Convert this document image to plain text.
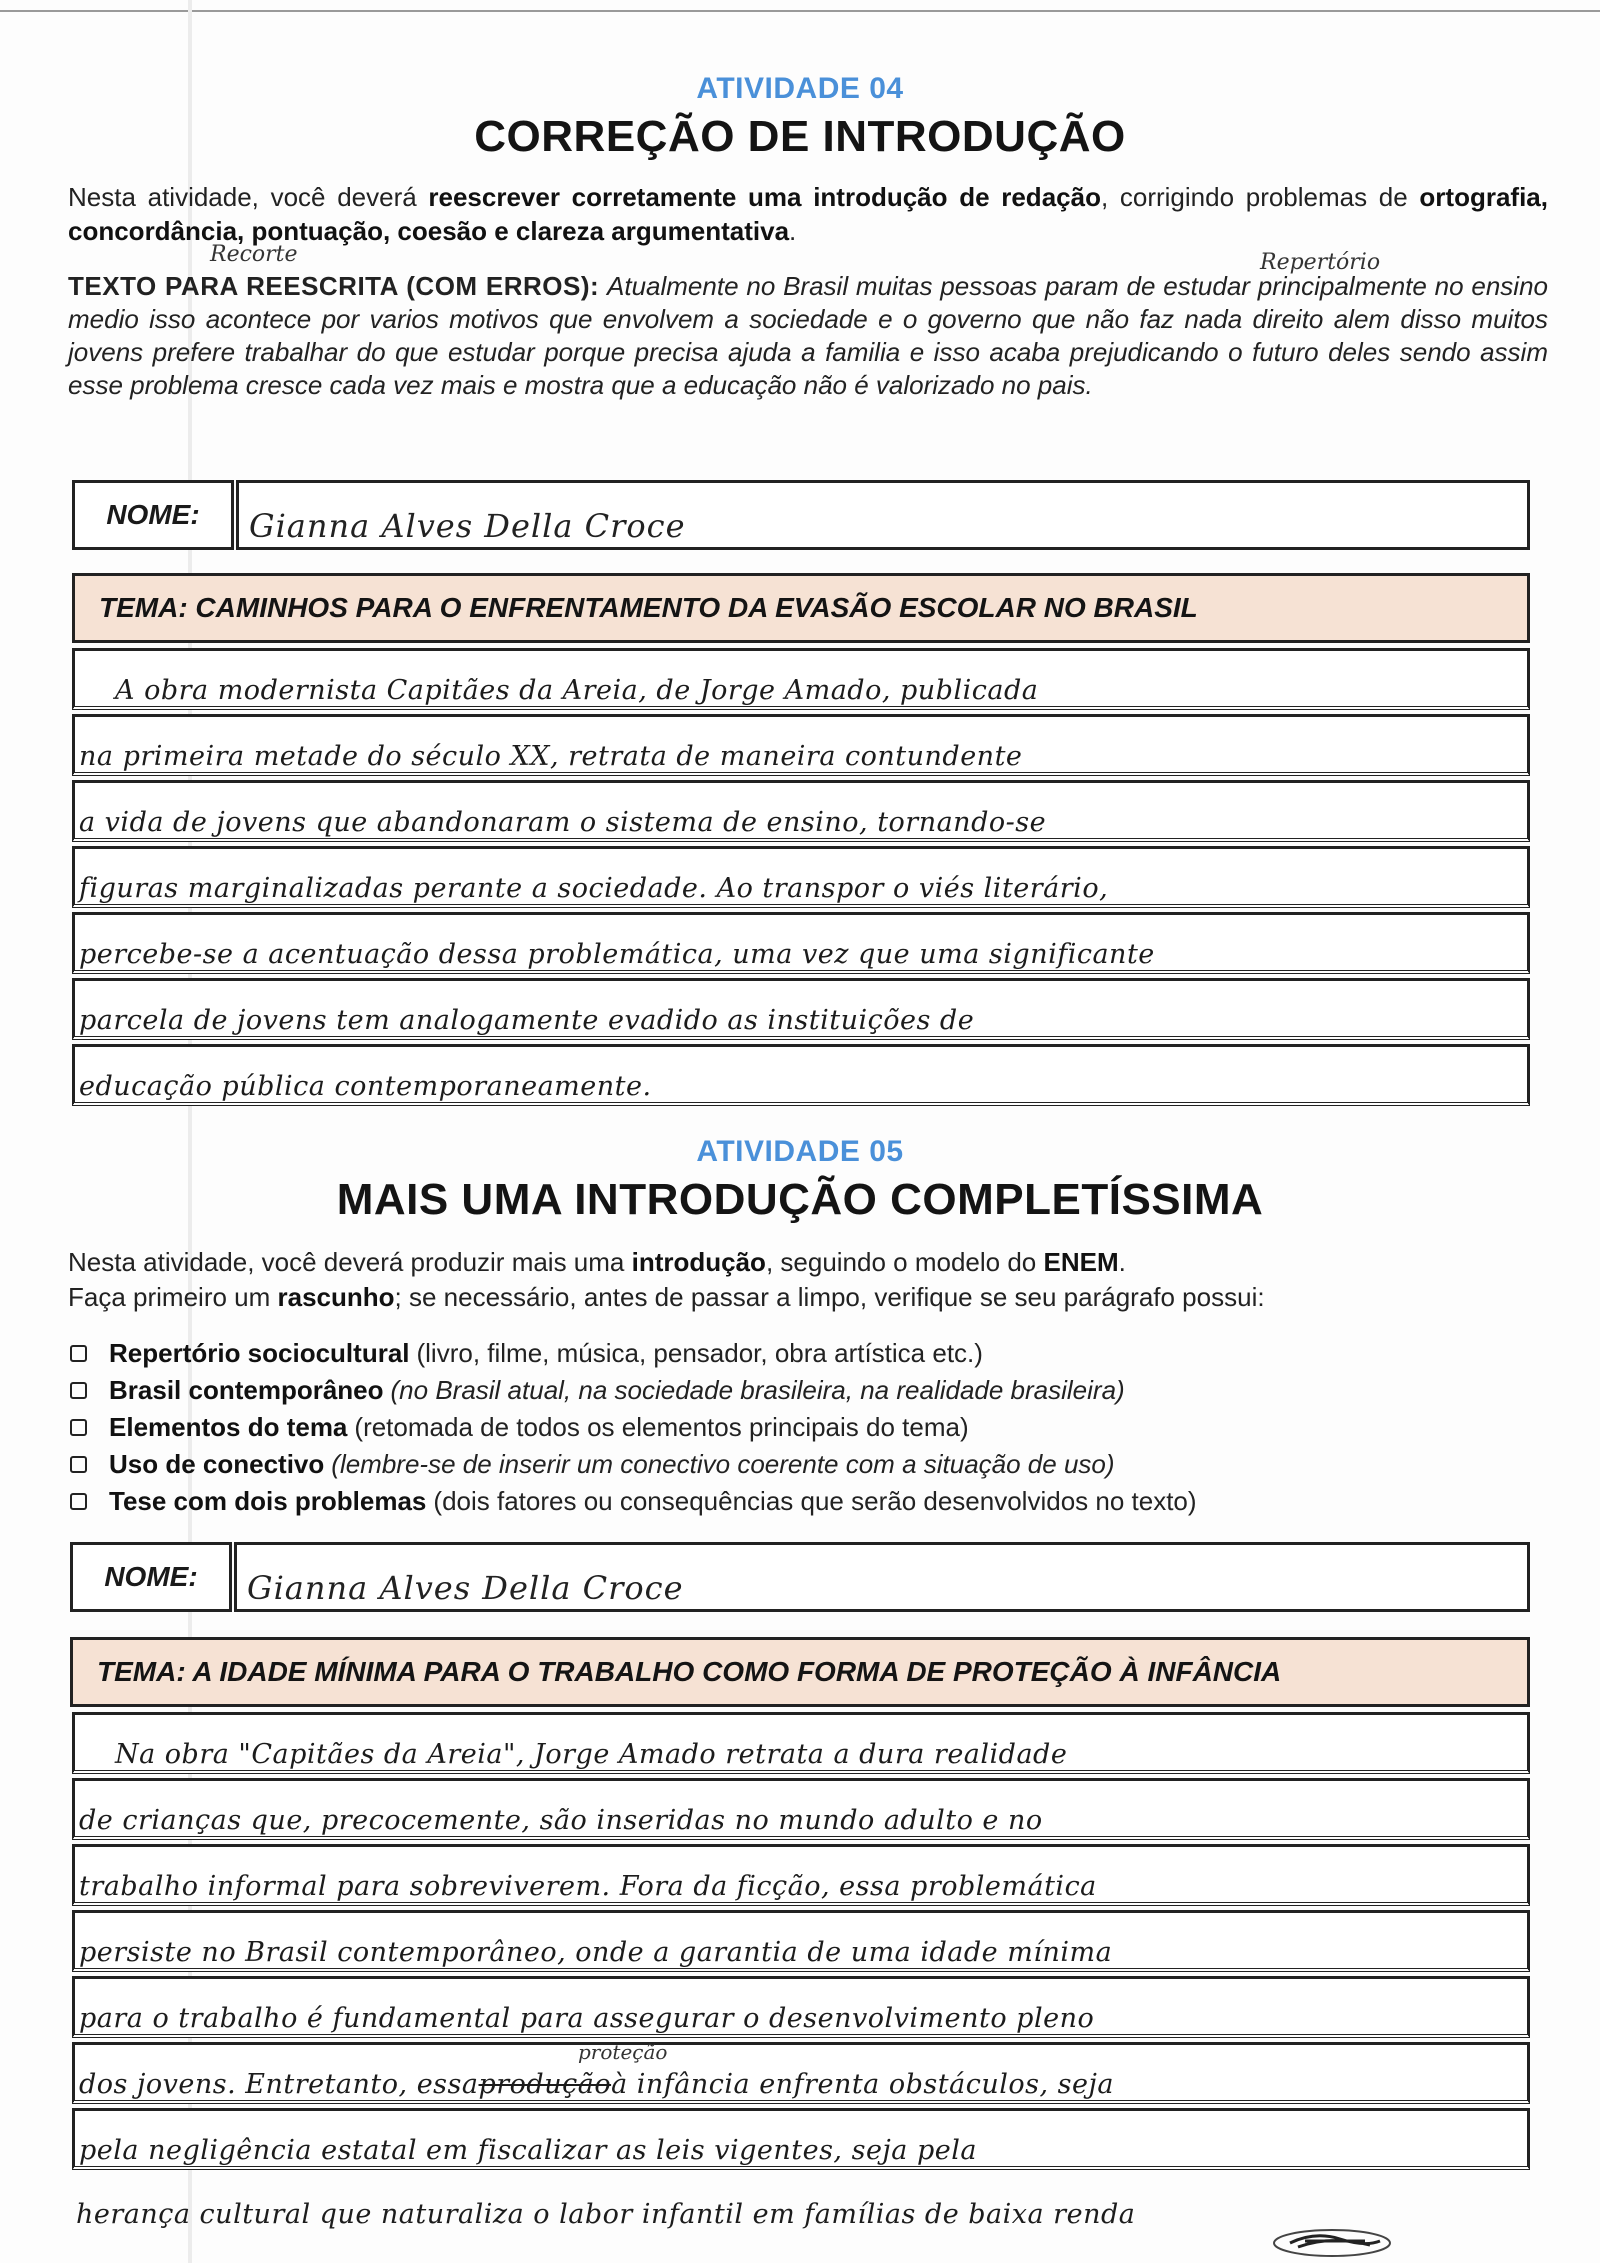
ATIVIDADE 04
CORREÇÃO DE INTRODUÇÃO
Nesta atividade, você deverá reescrever corretamente uma introdução de redação, corrigindo problemas de ortografia, concordância, pontuação, coesão e clareza argumentativa.
Recorte	Repertório
TEXTO PARA REESCRITA (COM ERROS): Atualmente no Brasil muitas pessoas param de estudar principalmente no ensino medio isso acontece por varios motivos que envolvem a sociedade e o governo que não faz nada direito alem disso muitos jovens prefere trabalhar do que estudar porque precisa ajuda a familia e isso acaba prejudicando o futuro deles sendo assim esse problema cresce cada vez mais e mostra que a educação não é valorizado no pais.
NOME:	Gianna Alves Della Croce
TEMA: CAMINHOS PARA O ENFRENTAMENTO DA EVASÃO ESCOLAR NO BRASIL
A obra modernista Capitães da Areia, de Jorge Amado, publicada
na primeira metade do século XX, retrata de maneira contundente
a vida de jovens que abandonaram o sistema de ensino, tornando-se
figuras marginalizadas perante a sociedade. Ao transpor o viés literário,
percebe-se a acentuação dessa problemática, uma vez que uma significante
parcela de jovens tem analogamente evadido as instituições de
educação pública contemporaneamente.
ATIVIDADE 05
MAIS UMA INTRODUÇÃO COMPLETÍSSIMA
Nesta atividade, você deverá produzir mais uma introdução, seguindo o modelo do ENEM.
Faça primeiro um rascunho; se necessário, antes de passar a limpo, verifique se seu parágrafo possui:
Repertório sociocultural (livro, filme, música, pensador, obra artística etc.)
Brasil contemporâneo (no Brasil atual, na sociedade brasileira, na realidade brasileira)
Elementos do tema (retomada de todos os elementos principais do tema)
Uso de conectivo (lembre-se de inserir um conectivo coerente com a situação de uso)
Tese com dois problemas (dois fatores ou consequências que serão desenvolvidos no texto)
NOME:	Gianna Alves Della Croce
TEMA: A IDADE MÍNIMA PARA O TRABALHO COMO FORMA DE PROTEÇÃO À INFÂNCIA
Na obra "Capitães da Areia", Jorge Amado retrata a dura realidade
de crianças que, precocemente, são inseridas no mundo adulto e no
trabalho informal para sobreviverem. Fora da ficção, essa problemática
persiste no Brasil contemporâneo, onde a garantia de uma idade mínima
para o trabalho é fundamental para assegurar o desenvolvimento pleno
dos jovens. Entretanto, essa produção à infância enfrenta obstáculos, seja
pela negligência estatal em fiscalizar as leis vigentes, seja pela
herança cultural que naturaliza o labor infantil em famílias de baixa renda
proteção
